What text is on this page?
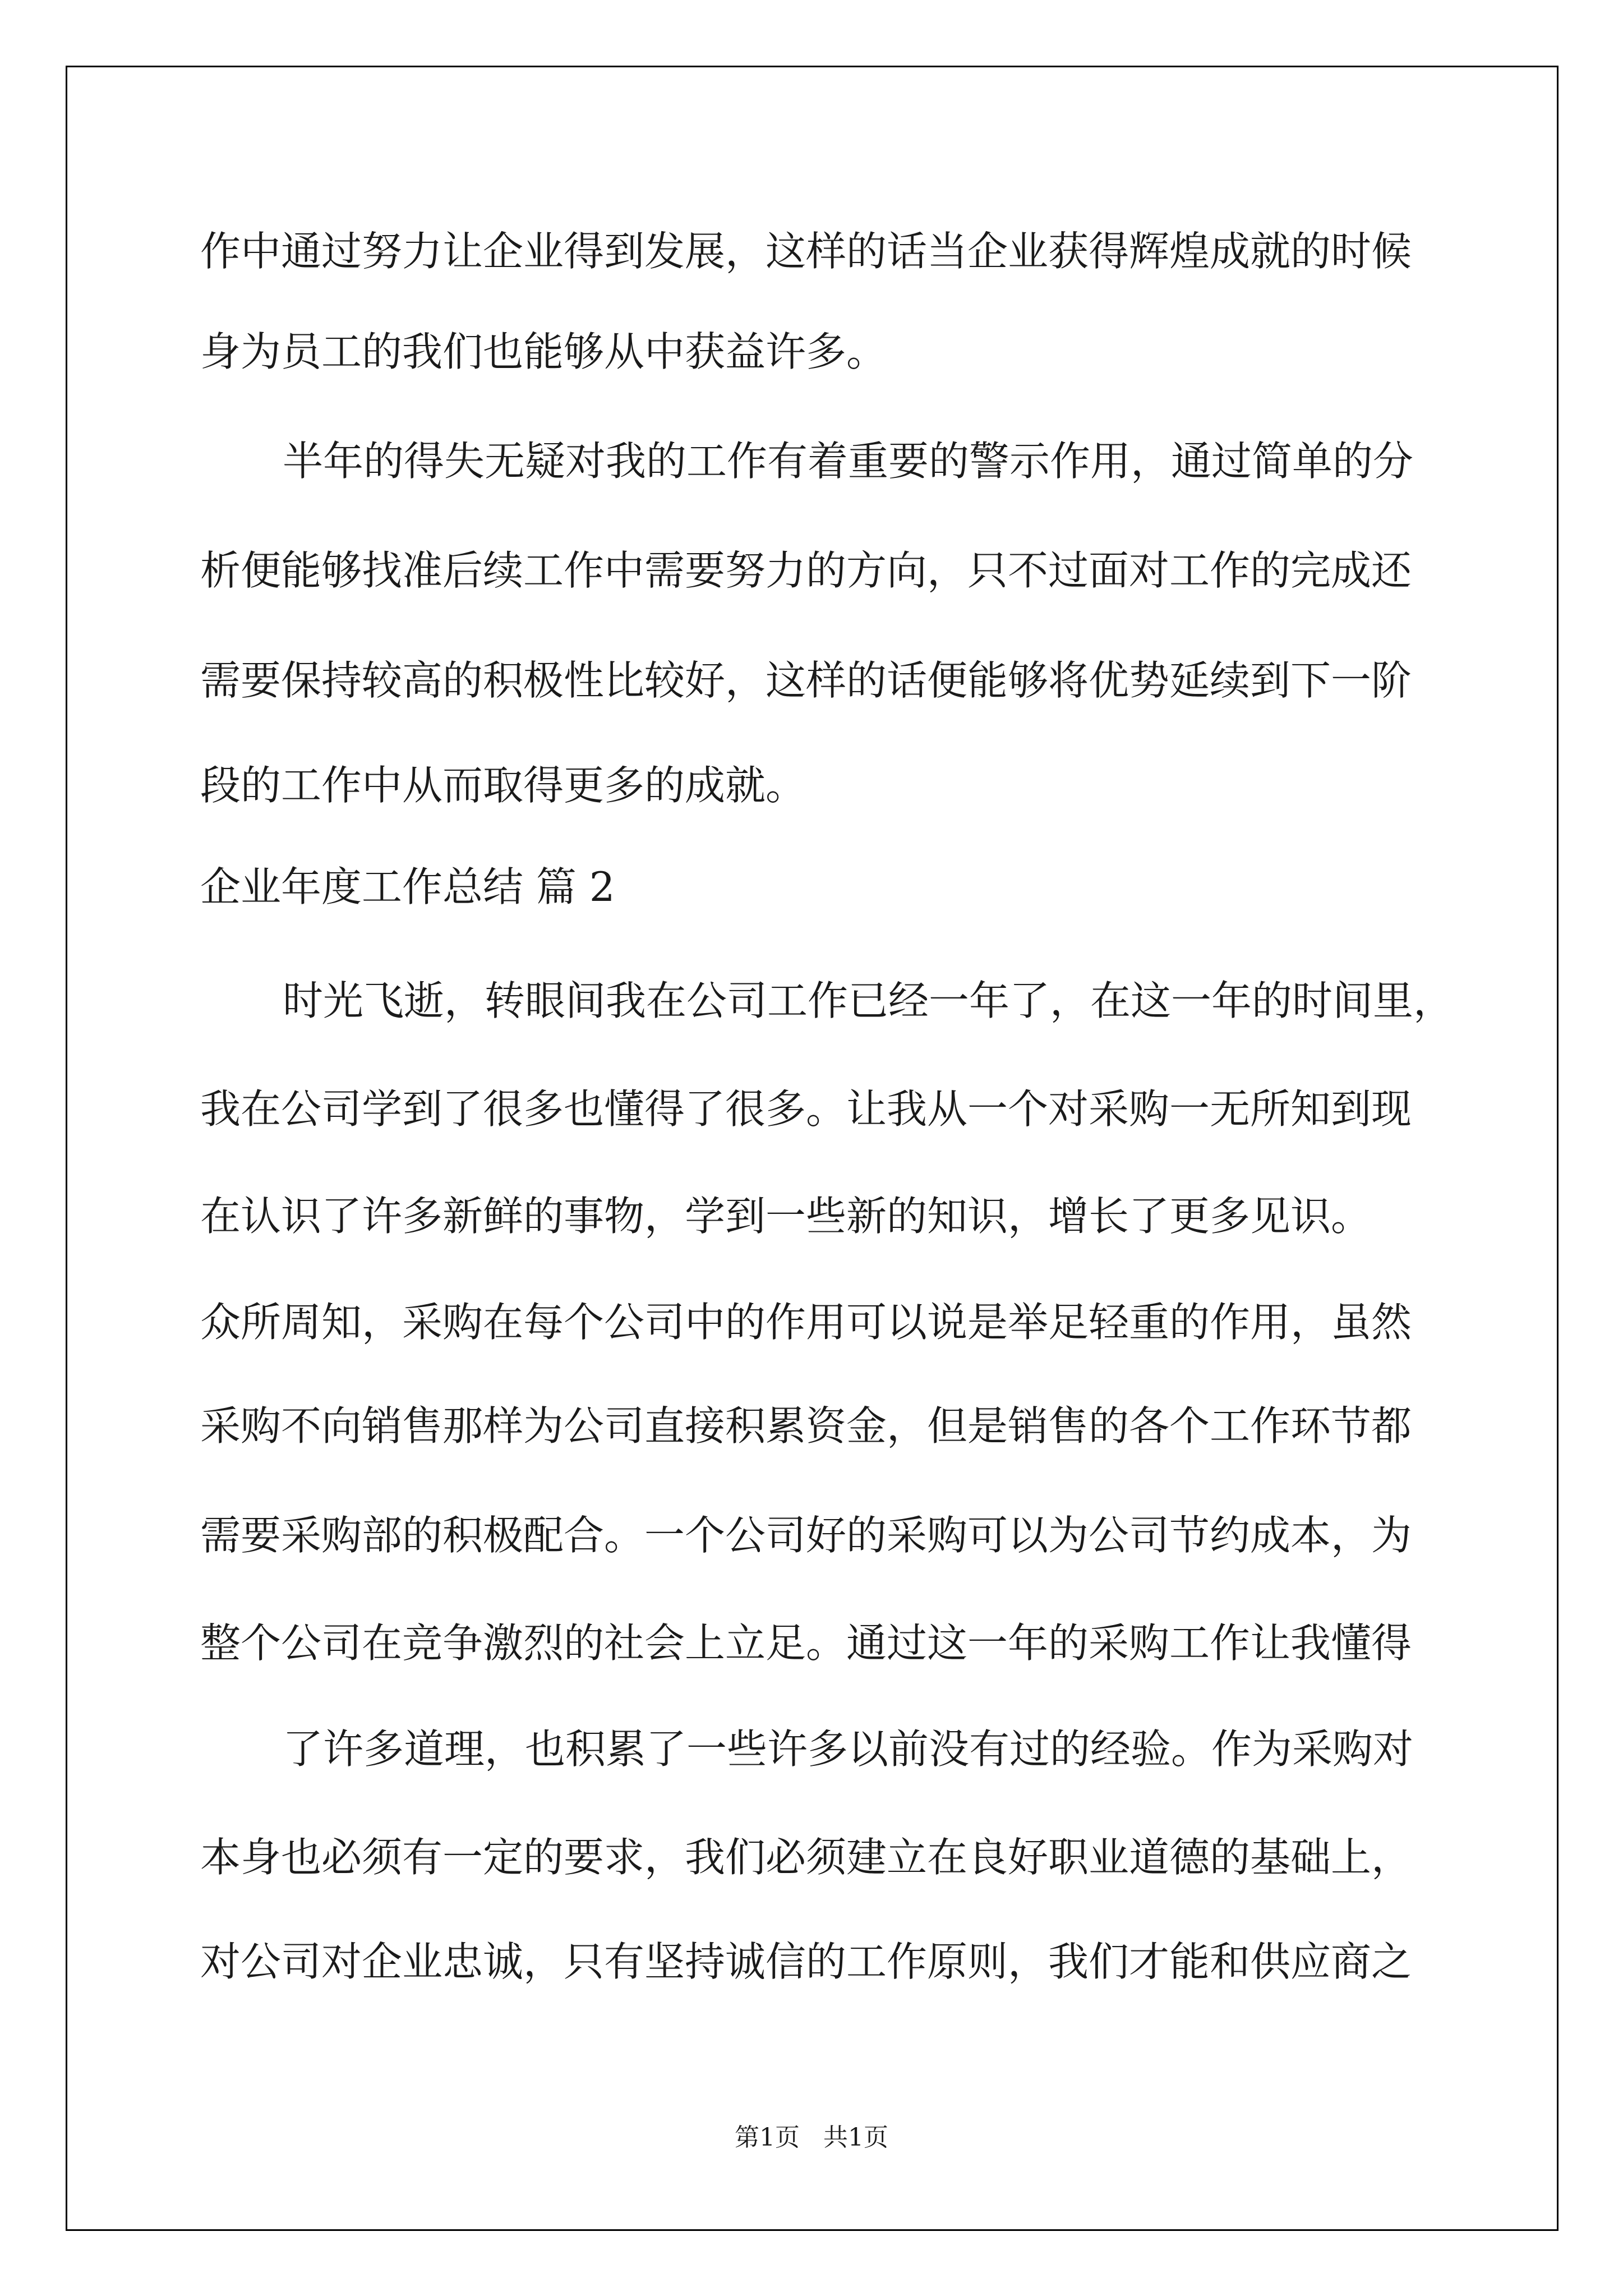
作中通过努力让企业得到发展，这样的话当企业获得辉煌成就的时候
身为员工的我们也能够从中获益许多。
半年的得失无疑对我的工作有着重要的警示作用，通过简单的分
析便能够找准后续工作中需要努力的方向，只不过面对工作的完成还
需要保持较高的积极性比较好，这样的话便能够将优势延续到下一阶
段的工作中从而取得更多的成就。
企业年度工作总结 篇 2
时光飞逝，转眼间我在公司工作已经一年了，在这一年的时间里，
我在公司学到了很多也懂得了很多。让我从一个对采购一无所知到现
在认识了许多新鲜的事物，学到一些新的知识，增长了更多见识。
众所周知，采购在每个公司中的作用可以说是举足轻重的作用，虽然
采购不向销售那样为公司直接积累资金，但是销售的各个工作环节都
需要采购部的积极配合。一个公司好的采购可以为公司节约成本，为
整个公司在竞争激烈的社会上立足。通过这一年的采购工作让我懂得
了许多道理，也积累了一些许多以前没有过的经验。作为采购对
本身也必须有一定的要求，我们必须建立在良好职业道德的基础上，
对公司对企业忠诚，只有坚持诚信的工作原则，我们才能和供应商之
第1页   共1页
